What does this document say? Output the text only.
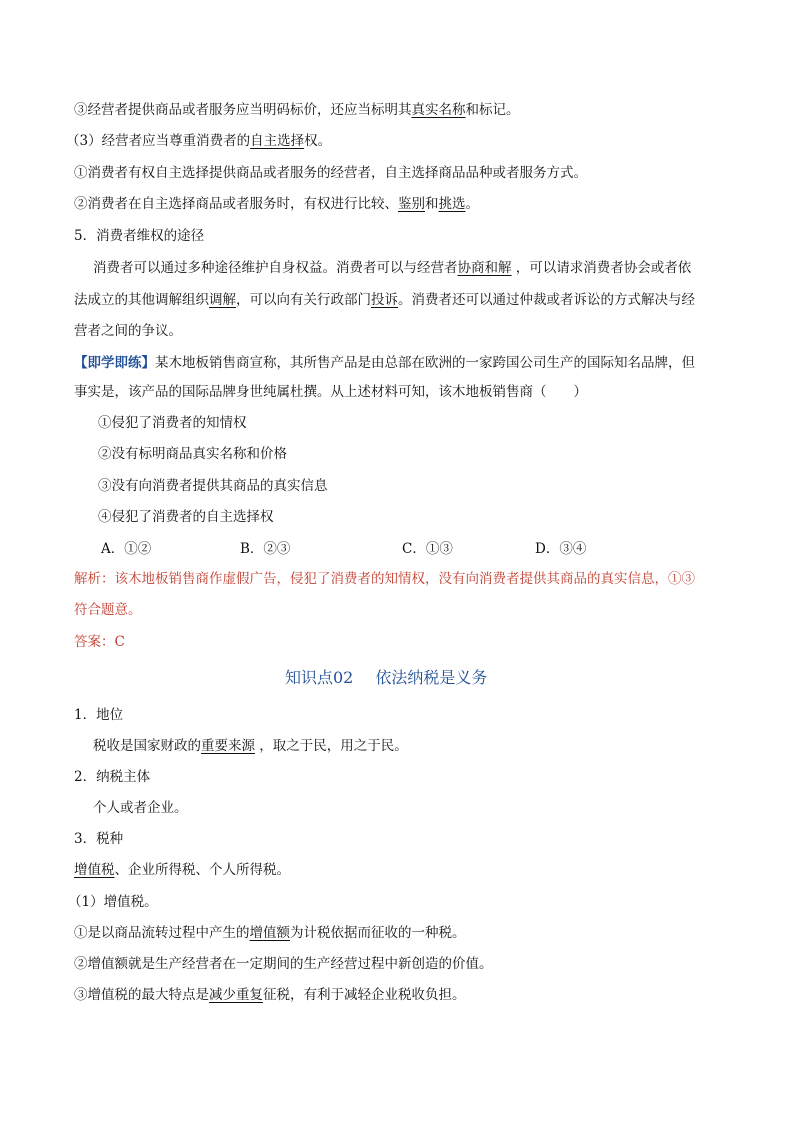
③经营者提供商品或者服务应当明码标价，还应当标明其真实名称和标记。
（3）经营者应当尊重消费者的自主选择权。
①消费者有权自主选择提供商品或者服务的经营者，自主选择商品品种或者服务方式。
②消费者在自主选择商品或者服务时，有权进行比较、鉴别和挑选。
5．消费者维权的途径
消费者可以通过多种途径维护自身权益。消费者可以与经营者协商和解 ，可以请求消费者协会或者依
法成立的其他调解组织调解，可以向有关行政部门投诉。消费者还可以通过仲裁或者诉讼的方式解决与经
营者之间的争议。
【即学即练】某木地板销售商宣称，其所售产品是由总部在欧洲的一家跨国公司生产的国际知名品牌，但
事实是，该产品的国际品牌身世纯属杜撰。从上述材料可知，该木地板销售商（　　）
①侵犯了消费者的知情权
②没有标明商品真实名称和价格
③没有向消费者提供其商品的真实信息
④侵犯了消费者的自主选择权
A．①②	B．②③	C．①③	D．③④
解析：该木地板销售商作虚假广告，侵犯了消费者的知情权，没有向消费者提供其商品的真实信息，①③
符合题意。
答案：C
知识点02 依法纳税是义务
1．地位
税收是国家财政的重要来源 ，取之于民，用之于民。
2．纳税主体
个人或者企业。
3．税种
增值税、企业所得税、个人所得税。
（1）增值税。
①是以商品流转过程中产生的增值额为计税依据而征收的一种税。
②增值额就是生产经营者在一定期间的生产经营过程中新创造的价值。
③增值税的最大特点是减少重复征税，有利于减轻企业税收负担。
